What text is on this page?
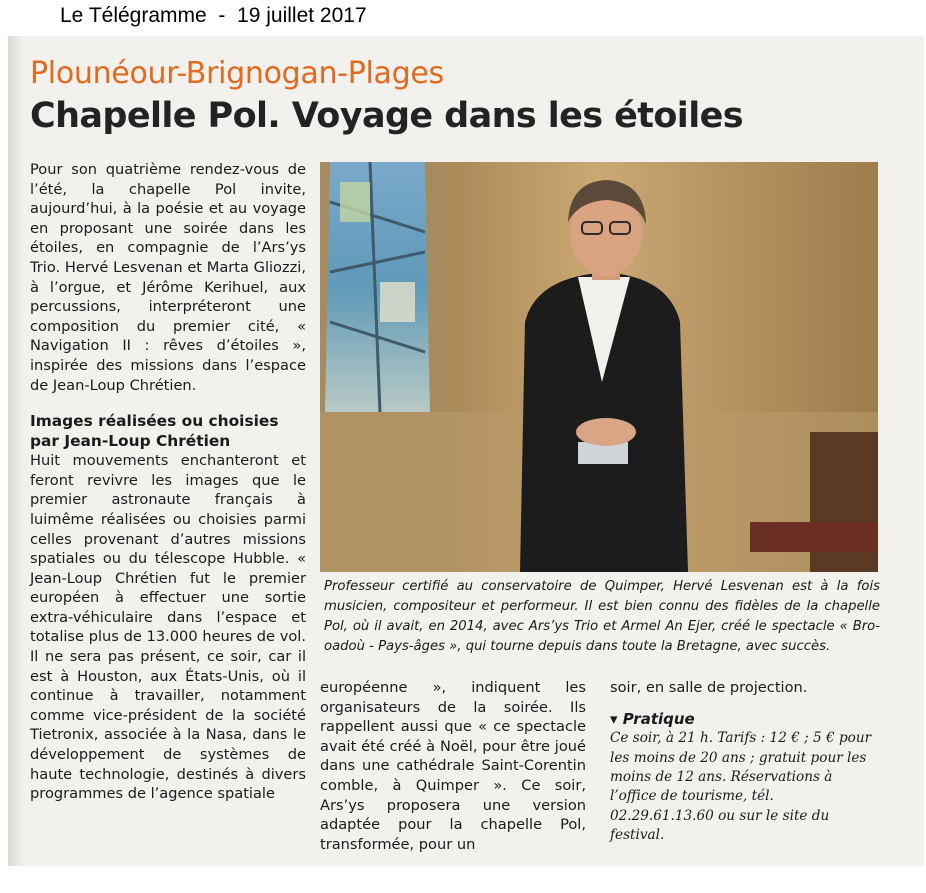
Le Télégramme - 19 juillet 2017
Plounéour-Brignogan-Plages
Chapelle Pol. Voyage dans les étoiles

Pour son quatrième rendez-vous de l’été, la chapelle Pol invite, aujourd’hui, à la poésie et au voyage en proposant une soirée dans les étoiles, en compagnie de l’Ars’ys Trio. Hervé Lesvenan et Marta Gliozzi, à l’orgue, et Jérôme Kerihuel, aux percussions, interpréteront une composition du premier cité, « Navigation II : rêves d’étoiles », inspirée des missions dans l’espace de Jean-Loup Chrétien.

Images réalisées ou choisies par Jean-Loup Chrétien

Huit mouvements enchanteront et feront revivre les images que le premier astronaute français à luimême réalisées ou choisies parmi celles provenant d’autres missions spatiales ou du télescope Hubble. « Jean-Loup Chrétien fut le premier européen à effectuer une sortie extra-véhiculaire dans l’espace et totalise plus de 13.000 heures de vol. Il ne sera pas présent, ce soir, car il est à Houston, aux États-Unis, où il continue à travailler, notamment comme vice-président de la société Tietronix, associée à la Nasa, dans le développement de systèmes de haute technologie, destinés à divers programmes de l’agence spatiale

Professeur certifié au conservatoire de Quimper, Hervé Lesvenan est à la fois musicien, compositeur et performeur. Il est bien connu des fidèles de la chapelle Pol, où il avait, en 2014, avec Ars’ys Trio et Armel An Ejer, créé le spectacle « Bro-oadoù - Pays-âges », qui tourne depuis dans toute la Bretagne, avec succès.

européenne », indiquent les organisateurs de la soirée. Ils rappellent aussi que « ce spectacle avait été créé à Noël, pour être joué dans une cathédrale Saint-Corentin comble, à Quimper ». Ce soir, Ars’ys proposera une version adaptée pour la chapelle Pol, transformée, pour un

soir, en salle de projection.

▾ Pratique

Ce soir, à 21 h. Tarifs : 12 € ; 5 € pour les moins de 20 ans ; gratuit pour les moins de 12 ans. Réservations à l’office de tourisme, tél. 02.29.61.13.60 ou sur le site du festival.
